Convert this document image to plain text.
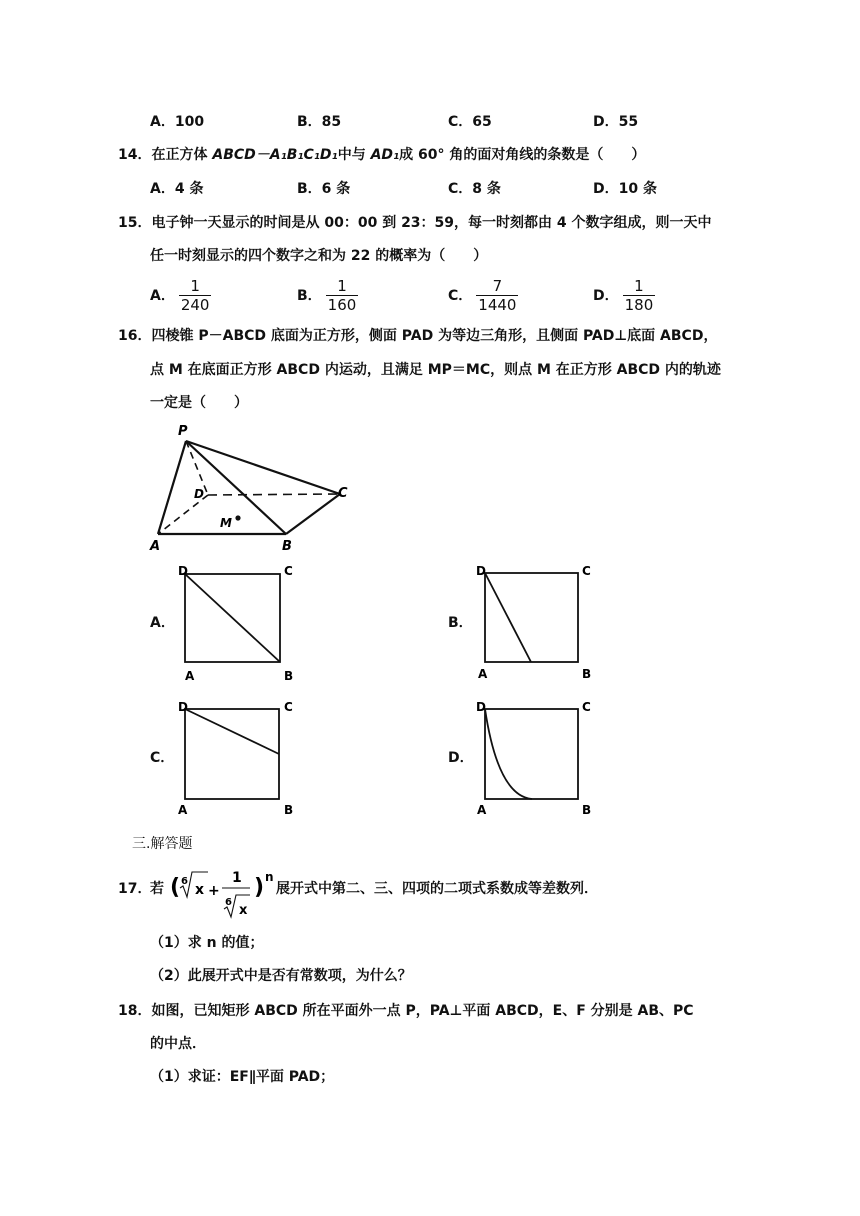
A．100	B．85	C．65	D．55
14．在正方体 ABCD－A₁B₁C₁D₁中与 AD₁成 60° 角的面对角线的条数是（　　）
A．4 条	B．6 条	C．8 条	D．10 条
15．电子钟一天显示的时间是从 00：00 到 23：59，每一时刻都由 4 个数字组成，则一天中
任一时刻显示的四个数字之和为 22 的概率为（　　）
A． $\frac{1}{240}$	B． $\frac{1}{160}$	C． $\frac{7}{1440}$	D． $\frac{1}{180}$
16．四棱锥 P－ABCD 底面为正方形，侧面 PAD 为等边三角形，且侧面 PAD⊥底面 ABCD，
点 M 在底面正方形 ABCD 内运动，且满足 MP＝MC，则点 M 在正方形 ABCD 内的轨迹
一定是（　　）
P
D	C
M
A	B
A．
D	C
A	B
B．
D	C
A	B
C．
D	C
A	B
D．
D	C
A	B
三.解答题
17．
若 ( 6
x +
1
6
x
) n
展开式中第二、三、四项的二项式系数成等差数列．
（1）求 n 的值；
（2）此展开式中是否有常数项，为什么？
18．如图，已知矩形 ABCD 所在平面外一点 P，PA⊥平面 ABCD，E、F 分别是 AB、PC
的中点．
（1）求证：EF∥平面 PAD；
